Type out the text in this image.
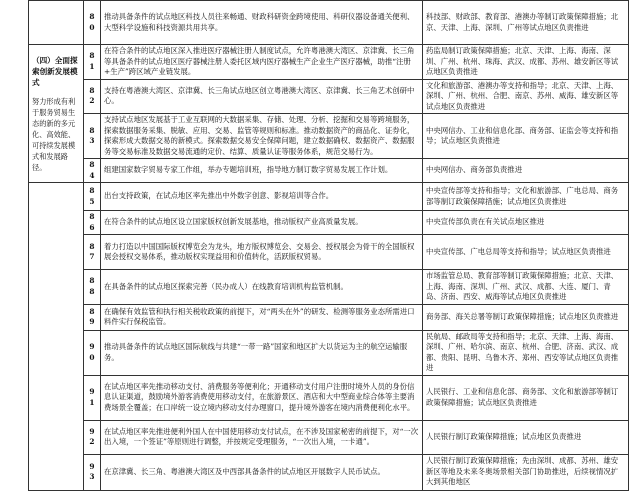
	80	推动具备条件的试点地区科技人员往来畅通、财政科研资金跨境使用、科研仪器设备通关便利、大型科学设施和科技资源共用共享。	科技部、财政部、教育部、港澳办等制订政策保障措施；北京、天津、上海、深圳、广州等试点地区负责推进

（四）全面探索创新发展模式
努力形成有利于服务贸易生态的新的多元化、高效能、可持续发展模式和发展路径。	81	在符合条件的试点地区深入推进医疗器械注册人制度试点，允许粤港澳大湾区、京津冀、长三角等具备条件的试点地区医疗器械注册人委托区域内医疗器械生产企业生产医疗器械，助推“注册+生产”跨区域产业链发展。	药监局制订政策保障措施；北京、天津、上海、海南、深圳、广州、杭州、珠海、武汉、成都、苏州、雄安新区等试点地区负责推进
	82	支持在粤港澳大湾区、京津冀、长三角试点地区创立粤港澳大湾区、京津冀、长三角艺术创研中心。	文化和旅游部、港澳办等支持和指导；北京、天津、上海、深圳、广州、杭州、合肥、南京、苏州、威海、雄安新区等试点地区负责推进
	83	支持试点地区发展基于工业互联网的大数据采集、存储、处理、分析、挖掘和交易等跨境服务，探索数据服务采集、脱敏、应用、交易、监管等规则和标准。推动数据资产的商品化、证券化，探索形成大数据交易的新模式。探索数据交易安全保障问题，建立数据确权、数据资产、数据服务等交易标准及数据交易流通的定价、结算、质量认证等服务体系，规范交易行为。	中央网信办、工业和信息化部、商务部、证监会等支持和指导；试点地区负责推进
	84	组建国家数字贸易专家工作组，举办专题培训班，指导地方制订数字贸易发展工作计划。	中央网信办、商务部负责推进
	85	出台支持政策，在试点地区率先推出中外数字创意、影视培训等合作。	中央宣传部等支持和指导；文化和旅游部、广电总局、商务部等制订政策保障措施；试点地区负责推进
	86	在符合条件的试点地区设立国家版权创新发展基地，推动版权产业高质量发展。	中央宣传部负责在有关试点地区推进
	87	着力打造以中国国际版权博览会为龙头，地方版权博览会、交易会、授权展会为骨干的全国版权展会授权交易体系，推动版权实现益用和价值转化，活跃版权贸易。	中央宣传部、广电总局等支持和指导；试点地区负责推进
	88	在具备条件的试点地区探索完善（民办成人）在线教育培训机构监管机制。	市场监管总局、教育部等制订政策保障措施；北京、天津、上海、海南、深圳、广州、武汉、成都、大连、厦门、青岛、济南、西安、威海等试点地区负责推进
	89	在确保有效监管和执行相关税收政策的前提下，对“两头在外”的研发、检测等服务业态所需进口料件实行保税监管。	商务部、海关总署等制订政策保障措施；试点地区负责推进
	90	推动具备条件的试点地区国际航线与共建“一带一路”国家和地区扩大以货运为主的航空运输服务。	民航局、邮政局等支持和指导；北京、天津、上海、海南、深圳、广州、哈尔滨、南京、杭州、合肥、济南、武汉、成都、贵阳、昆明、乌鲁木齐、郑州、西安等试点地区负责推进
	91	在试点地区率先推动移动支付、消费服务等便利化；开通移动支付用户注册时境外人员的身份信息认证渠道，鼓励境外游客消费使用移动支付，在旅游景区、酒店和大中型商业综合体等主要消费场景全覆盖；在口岸统一设立境内移动支付办理窗口，提升境外游客在境内消费便利化水平。	人民银行、工业和信息化部、商务部、文化和旅游部等制订政策保障措施；试点地区负责推进
	92	在试点地区率先推进便利外国人在中国使用移动支付试点，在不涉及国家秘密的前提下，对“一次出入境，一个签证”等原则进行调整，并按规定受理服务，“一次出入境，一卡通”。	人民银行制订政策保障措施；试点地区负责推进
	93	在京津冀、长三角、粤港澳大湾区及中西部具备条件的试点地区开展数字人民币试点。	人民银行制订政策保障措施；先由深圳、成都、苏州、雄安新区等地及未来冬奥场景相关部门协助推进，后续视情况扩大到其他地区
